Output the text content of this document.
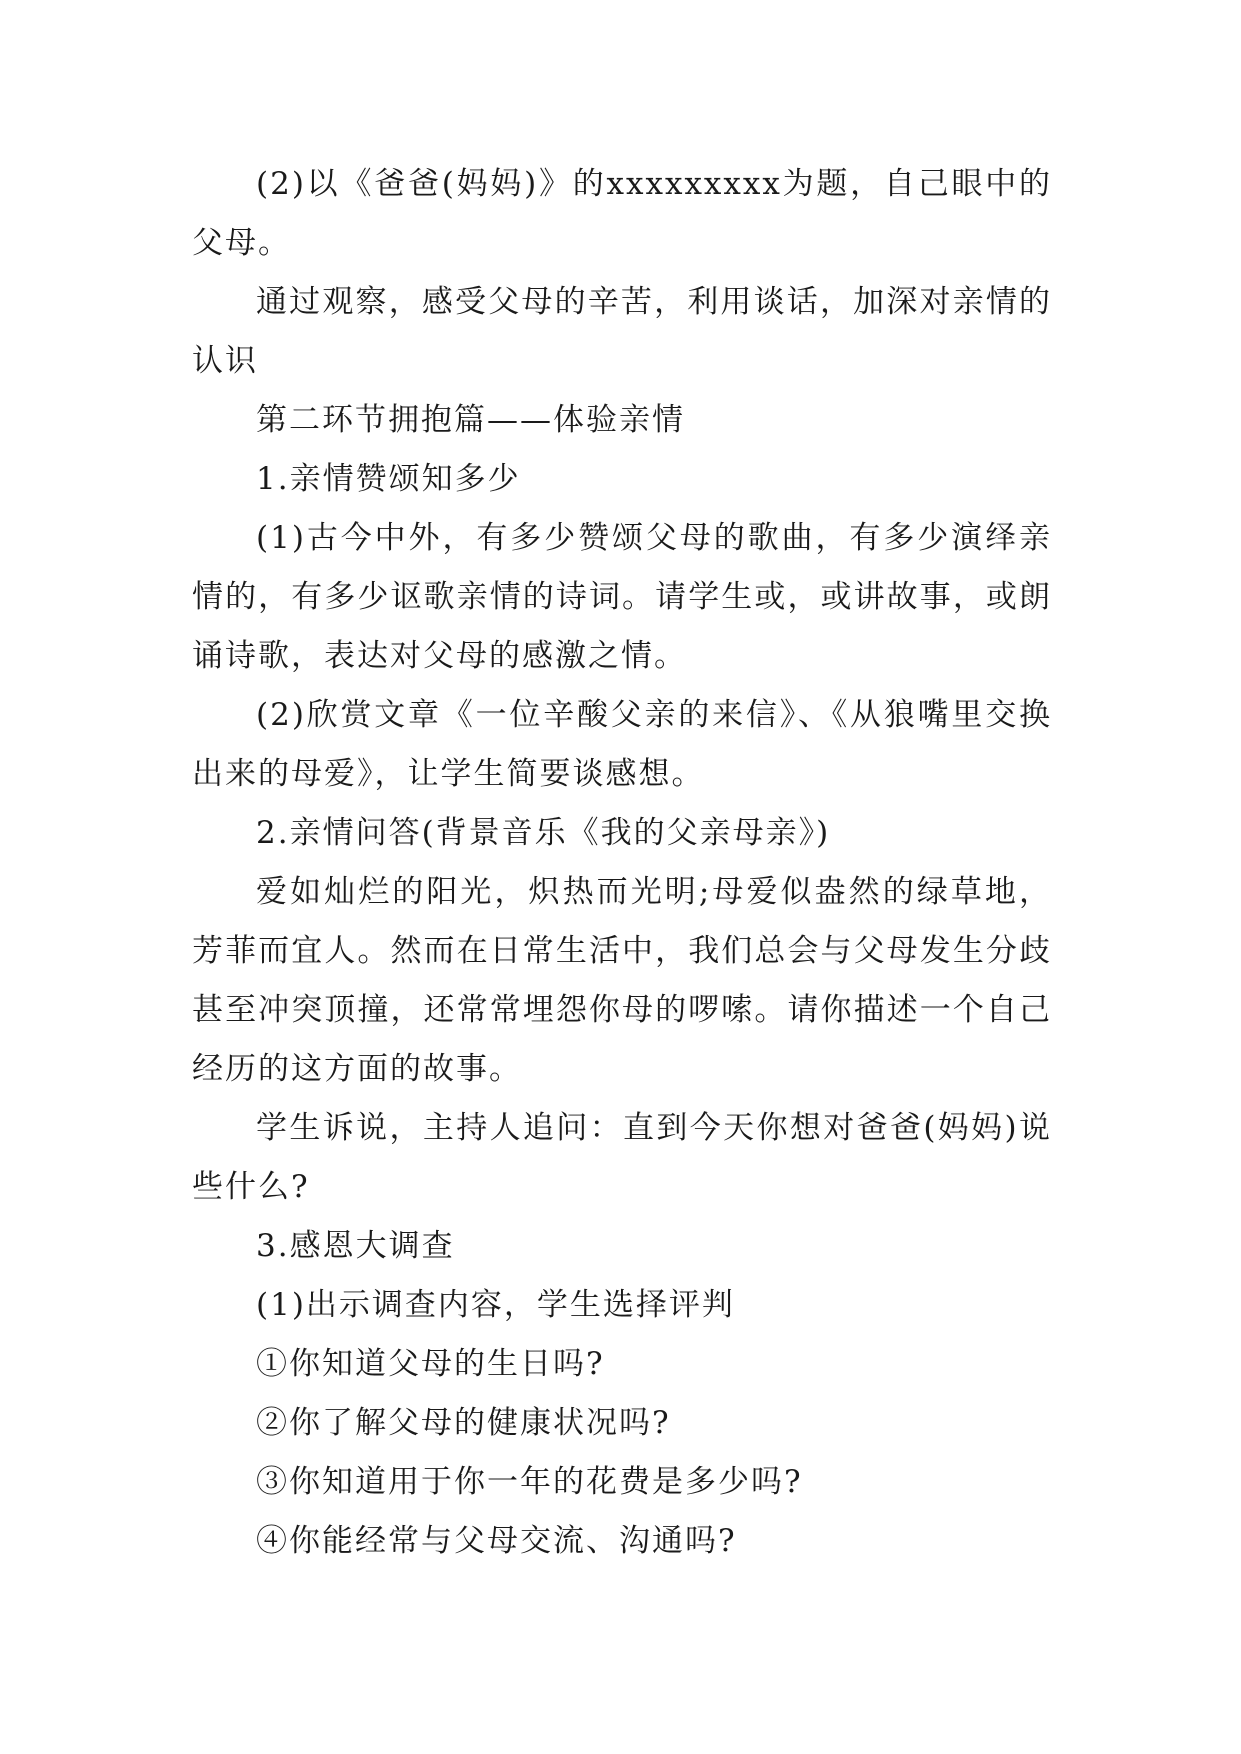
(2)以《爸爸(妈妈)》的xxxxxxxxx为题，自己眼中的父母。

通过观察，感受父母的辛苦，利用谈话，加深对亲情的认识

第二环节拥抱篇——体验亲情

1.亲情赞颂知多少

(1)古今中外，有多少赞颂父母的歌曲，有多少演绎亲情的，有多少讴歌亲情的诗词。请学生或，或讲故事，或朗诵诗歌，表达对父母的感激之情。

(2)欣赏文章《一位辛酸父亲的来信》、《从狼嘴里交换出来的母爱》，让学生简要谈感想。

2.亲情问答(背景音乐《我的父亲母亲》)

爱如灿烂的阳光，炽热而光明;母爱似盎然的绿草地，芳菲而宜人。然而在日常生活中，我们总会与父母发生分歧甚至冲突顶撞，还常常埋怨你母的啰嗦。请你描述一个自己经历的这方面的故事。

学生诉说，主持人追问：直到今天你想对爸爸(妈妈)说些什么?

3.感恩大调查

(1)出示调查内容，学生选择评判

①你知道父母的生日吗?

②你了解父母的健康状况吗?

③你知道用于你一年的花费是多少吗?

④你能经常与父母交流、沟通吗?
